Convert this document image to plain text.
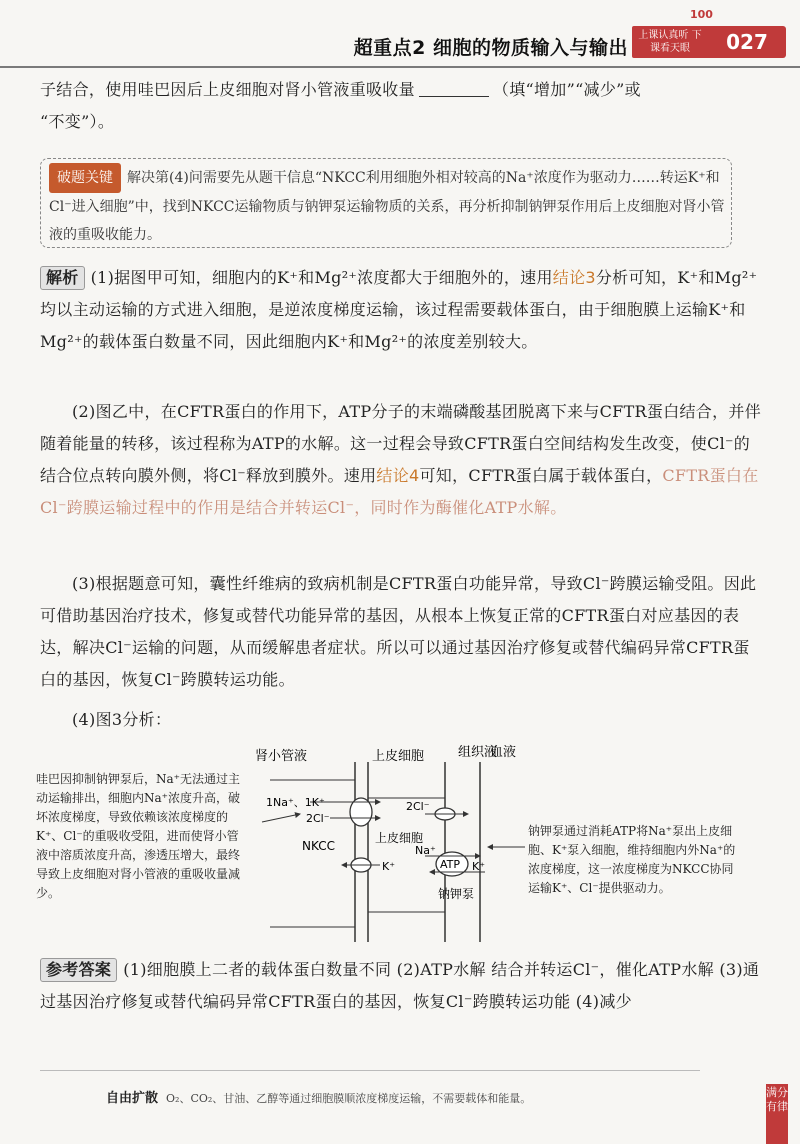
超重点2 细胞的物质输入与输出
100
上课认真听 下课看天眼	027
子结合，使用哇巴因后上皮细胞对肾小管液重吸收量	（填“增加”“减少”或
“不变”）。
破题关键 解决第(4)问需要先从题干信息“NKCC利用细胞外相对较高的Na⁺浓度作为驱动力……转运K⁺和Cl⁻进入细胞”中，找到NKCC运输物质与钠钾泵运输物质的关系，再分析抑制钠钾泵作用后上皮细胞对肾小管液的重吸收能力。
解析 (1)据图甲可知，细胞内的K⁺和Mg²⁺浓度都大于细胞外的，速用结论3分析可知，K⁺和Mg²⁺均以主动运输的方式进入细胞，是逆浓度梯度运输，该过程需要载体蛋白，由于细胞膜上运输K⁺和Mg²⁺的载体蛋白数量不同，因此细胞内K⁺和Mg²⁺的浓度差别较大。
(2)图乙中，在CFTR蛋白的作用下，ATP分子的末端磷酸基团脱离下来与CFTR蛋白结合，并伴随着能量的转移，该过程称为ATP的水解。这一过程会导致CFTR蛋白空间结构发生改变，使Cl⁻的结合位点转向膜外侧，将Cl⁻释放到膜外。速用结论4可知，CFTR蛋白属于载体蛋白，CFTR蛋白在Cl⁻跨膜运输过程中的作用是结合并转运Cl⁻，同时作为酶催化ATP水解。
(3)根据题意可知，囊性纤维病的致病机制是CFTR蛋白功能异常，导致Cl⁻跨膜运输受阻。因此可借助基因治疗技术，修复或替代功能异常的基因，从根本上恢复正常的CFTR蛋白对应基因的表达，解决Cl⁻运输的问题，从而缓解患者症状。所以可以通过基因治疗修复或替代编码异常CFTR蛋白的基因，恢复Cl⁻跨膜转运功能。
(4)图3分析：
肾小管液	上皮细胞	组织液
血液
1Na⁺、1K⁺
2Cl⁻
2Cl⁻
NKCC
上皮细胞
K⁺
Na⁺
ATP K⁺
钠钾泵
哇巴因抑制钠钾泵后，Na⁺无法通过主动运输排出，细胞内Na⁺浓度升高，破坏浓度梯度，导致依赖该浓度梯度的K⁺、Cl⁻的重吸收受阻，进而使肾小管液中溶质浓度升高，渗透压增大，最终导致上皮细胞对肾小管液的重吸收量减少。
钠钾泵通过消耗ATP将Na⁺泵出上皮细胞、K⁺泵入细胞，维持细胞内外Na⁺的浓度梯度，这一浓度梯度为NKCC协同运输K⁺、Cl⁻提供驱动力。
参考答案 (1)细胞膜上二者的载体蛋白数量不同 (2)ATP水解 结合并转运Cl⁻，催化ATP水解 (3)通过基因治疗修复或替代编码异常CFTR蛋白的基因，恢复Cl⁻跨膜转运功能 (4)减少
自由扩散 O₂、CO₂、甘油、乙醇等通过细胞膜顺浓度梯度运输，不需要载体和能量。	满分有律
